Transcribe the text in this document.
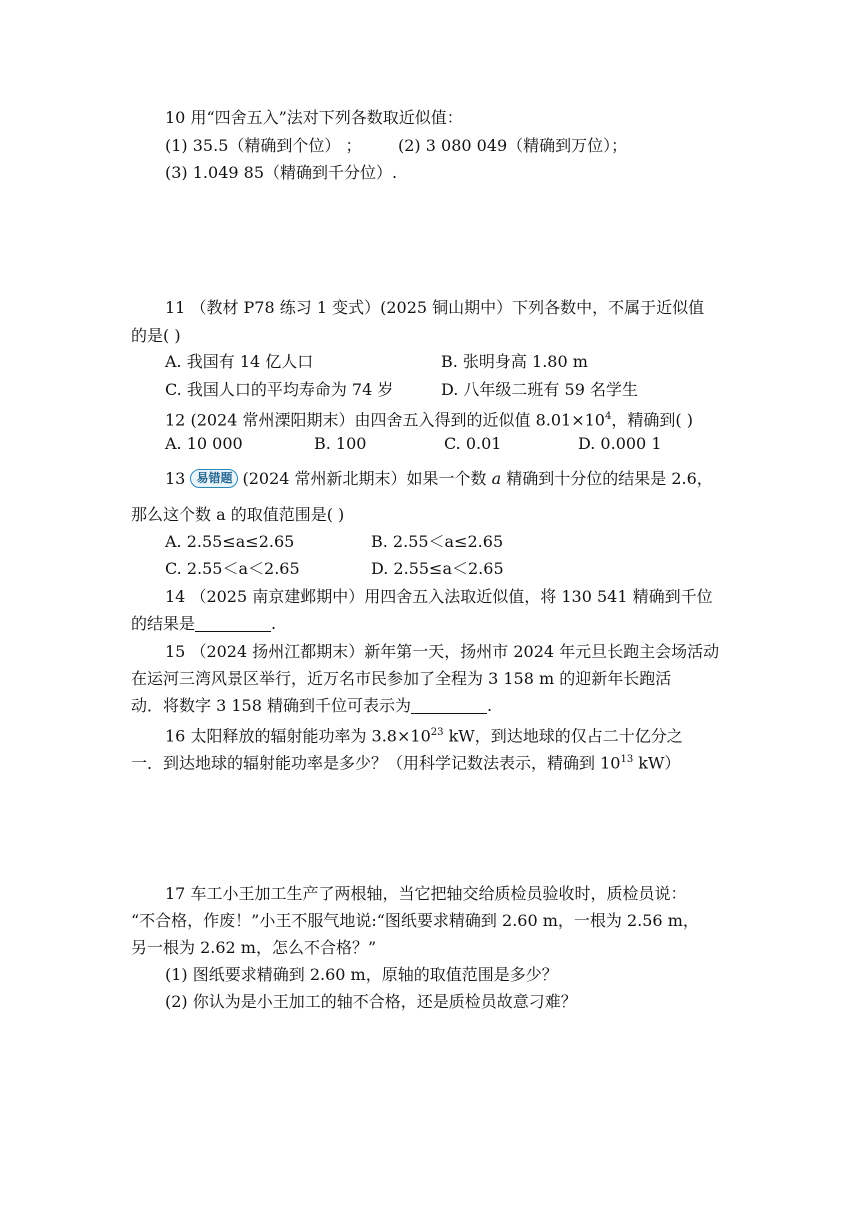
10 用“四舍五入”法对下列各数取近似值：
(1) 35.5（精确到个位） ； (2) 3 080 049（精确到万位）；
(3) 1.049 85（精确到千分位）.
11 （教材 P78 练习 1 变式）(2025 铜山期中）下列各数中，不属于近似值
的是( )
A. 我国有 14 亿人口	B. 张明身高 1.80 m
C. 我国人口的平均寿命为 74 岁	D. 八年级二班有 59 名学生
12 (2024 常州溧阳期末）由四舍五入得到的近似值 $8.01\times 10^4$，精确到( )
A. 10 000	B. 100	C. 0.01	D. 0.000 1
13 易错题 (2024 常州新北期末）如果一个数 a 精确到十分位的结果是 2.6，
那么这个数 a 的取值范围是( )
A. 2.55≤a≤2.65	B. 2.55＜a≤2.65
C. 2.55＜a＜2.65	D. 2.55≤a＜2.65
14 （2025 南京建邺期中）用四舍五入法取近似值，将 130 541 精确到千位
的结果是	.
15 （2024 扬州江都期末）新年第一天，扬州市 2024 年元旦长跑主会场活动
在运河三湾风景区举行，近万名市民参加了全程为 3 158 m 的迎新年长跑活
动．将数字 3 158 精确到千位可表示为	.
16 太阳释放的辐射能功率为 $3.8\times 10^{23}$ kW，到达地球的仅占二十亿分之
一．到达地球的辐射能功率是多少？（用科学记数法表示，精确到 $10^{13}$ kW）
17 车工小王加工生产了两根轴，当它把轴交给质检员验收时，质检员说：
“不合格，作废！”小王不服气地说:“图纸要求精确到 2.60 m，一根为 2.56 m，
另一根为 2.62 m，怎么不合格？”
(1) 图纸要求精确到 2.60 m，原轴的取值范围是多少？
(2) 你认为是小王加工的轴不合格，还是质检员故意刁难？
